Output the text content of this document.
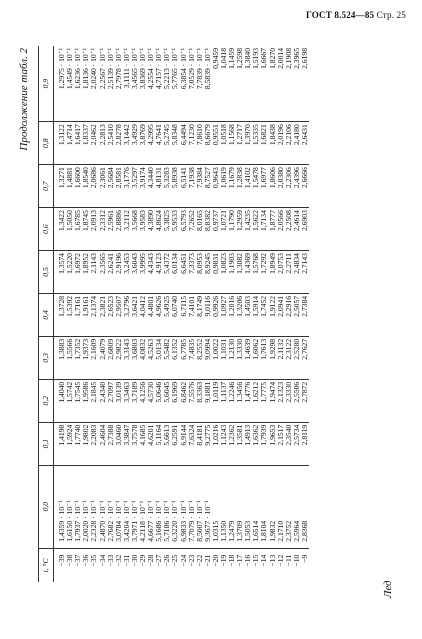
ГОСТ 8.524—85 Стр. 25
Продолжение табл. 2
Лед
t, °C	0,0	0,1	0,2	0,3	0,4	0,5	0,6	0,7	0,8	0,9
−39	1,4359 · 10⁻¹	1,4198	1,4040	1,3883	1,3728	1,3574	1,3422	1,3271	1,3122	1,2975 · 10⁻¹
−38	1,6150 · 10⁻¹	1,5924	1,5742	1,5566	1,5392	1,5220	1,5050	1,4881	1,4714	1,4549 · 10⁻¹
−37	1,7937 · 10⁻¹	1,7740	1,7545	1,7352	1,7161	1,6972	1,6785	1,6600	1,6417	1,6236 · 10⁻¹
−36	2,0020 · 10⁻¹	1,9802	1,9586	1,9373	1,9161	1,8952	1,8745	1,8540	1,8337	1,8136 · 10⁻¹
−35	2,2328 · 10⁻¹	2,2083	2,1845	2,1609	2,1374	2,1143	2,0913	2,0686	2,0462	2,0240 · 10⁻¹
−34	2,4870 · 10⁻¹	2,4604	2,4340	2,4079	2,3821	2,3565	2,3312	2,3061	2,2813	2,2567 · 10⁻¹
−33	2,7682 · 10⁻¹	2,7388	2,7097	2,6809	2,6523	2,6241	2,5961	2,5684	2,5410	2,5139 · 10⁻¹
−32	3,0784 · 10⁻¹	3,0460	3,0139	2,9822	2,9507	2,9196	2,8886	2,8581	2,8278	2,7978 · 10⁻¹
−31	3,4204 · 10⁻¹	3,3847	3,3463	3,3143	3,2796	3,2453	3,2112	3,1776	3,1442	3,1111 · 10⁻¹
−30	3,7971 · 10⁻¹	3,7578	3,7189	3,6803	3,6421	3,6043	3,5668	3,5297	3,4929	3,4565 · 10⁻¹
−29	4,2118 · 10⁻¹	4,1685	4,1256	4,0832	4,0412	3,9995	3,9583	3,9174	3,8769	3,8369 · 10⁻¹
−28	4,6677 · 10⁻¹	4,6201	4,5730	4,5263	4,4801	4,4343	4,3890	4,3440	4,2995	4,2554 · 10⁻¹
−27	5,1686 · 10⁻¹	5,1164	5,0646	5,0134	4,9626	4,9123	4,8624	4,8131	4,7641	4,7157 · 10⁻¹
−26	5,7186 · 10⁻¹	5,6613	5,6045	5,5482	5,4925	5,4372	5,3825	5,3283	5,2745	5,2213 · 10⁻¹
−25	6,3220 · 10⁻¹	6,2591	6,1969	6,1352	6,0740	6,0134	5,9533	5,8938	5,8348	5,7765 · 10⁻¹
−24	6,9833 · 10⁻¹	6,9144	6,8462	6,7785	6,7115	6,6451	6,5793	6,5141	6,4494	6,3854 · 10⁻¹
−23	7,7079 · 10⁻¹	7,6324	7,5576	7,4835	7,4101	7,3373	7,2652	7,1938	7,1230	7,0529 · 10⁻¹
−22	8,5007 · 10⁻¹	8,4181	8,3363	8,2552	8,1749	8,0953	8,0165	7,9384	7,8610	7,7839 · 10⁻¹
−21	9,3677 · 10⁻¹	9,2775	9,1881	9,0994	9,0116	8,9245	8,8382	8,7527	8,6679	8,5839 · 10⁻¹
−20	1,0315	1,0216	1,0119	1,0022	0,9926	0,9831	0,9737	0,9643	0,9551	0,9459
−19	1,1350	1,1243	1,1137	1,1031	1,0927	1,0823	1,0721	1,0619	1,0518	1,0418
−18	1,2479	1,2362	1,2246	1,2130	1,2016	1,1903	1,1790	1,1679	1,1568	1,1459
−17	1,3709	1,3581	1,3456	1,3330	1,3206	1,3082	1,2959	1,2838	1,2717	1,2598
−16	1,5053	1,4913	1,4776	1,4639	1,4503	1,4369	1,4235	1,4102	1,3970	1,3840
−15	1,6514	1,6362	1,6212	1,6062	1,5914	1,5768	1,5622	1,5478	1,5335	1,5193
−14	1,8104	1,7939	1,7775	1,7613	1,7452	1,7292	1,7134	1,6977	1,6821	1,6667
−13	1,9832	1,9653	1,9474	1,9298	1,9122	1,8949	1,8777	1,8606	1,8438	1,8270
−12	2,1710	2,1517	2,1323	2,1132	2,0941	2,0753	2,0566	2,0380	2,0196	2,0014
−11	2,3752	2,3540	2,3330	2,3122	2,2916	2,2711	2,2508	2,2306	2,2106	2,1908
−10	2,5964	2,5734	2,5506	2,5280	2,5057	2,4834	2,4614	2,4396	2,4180	2,3965
−9	2,8368	2,8119	2,7872	2,7627	2,7384	2,7143	2,6903	2,6666	2,6431	2,6198
